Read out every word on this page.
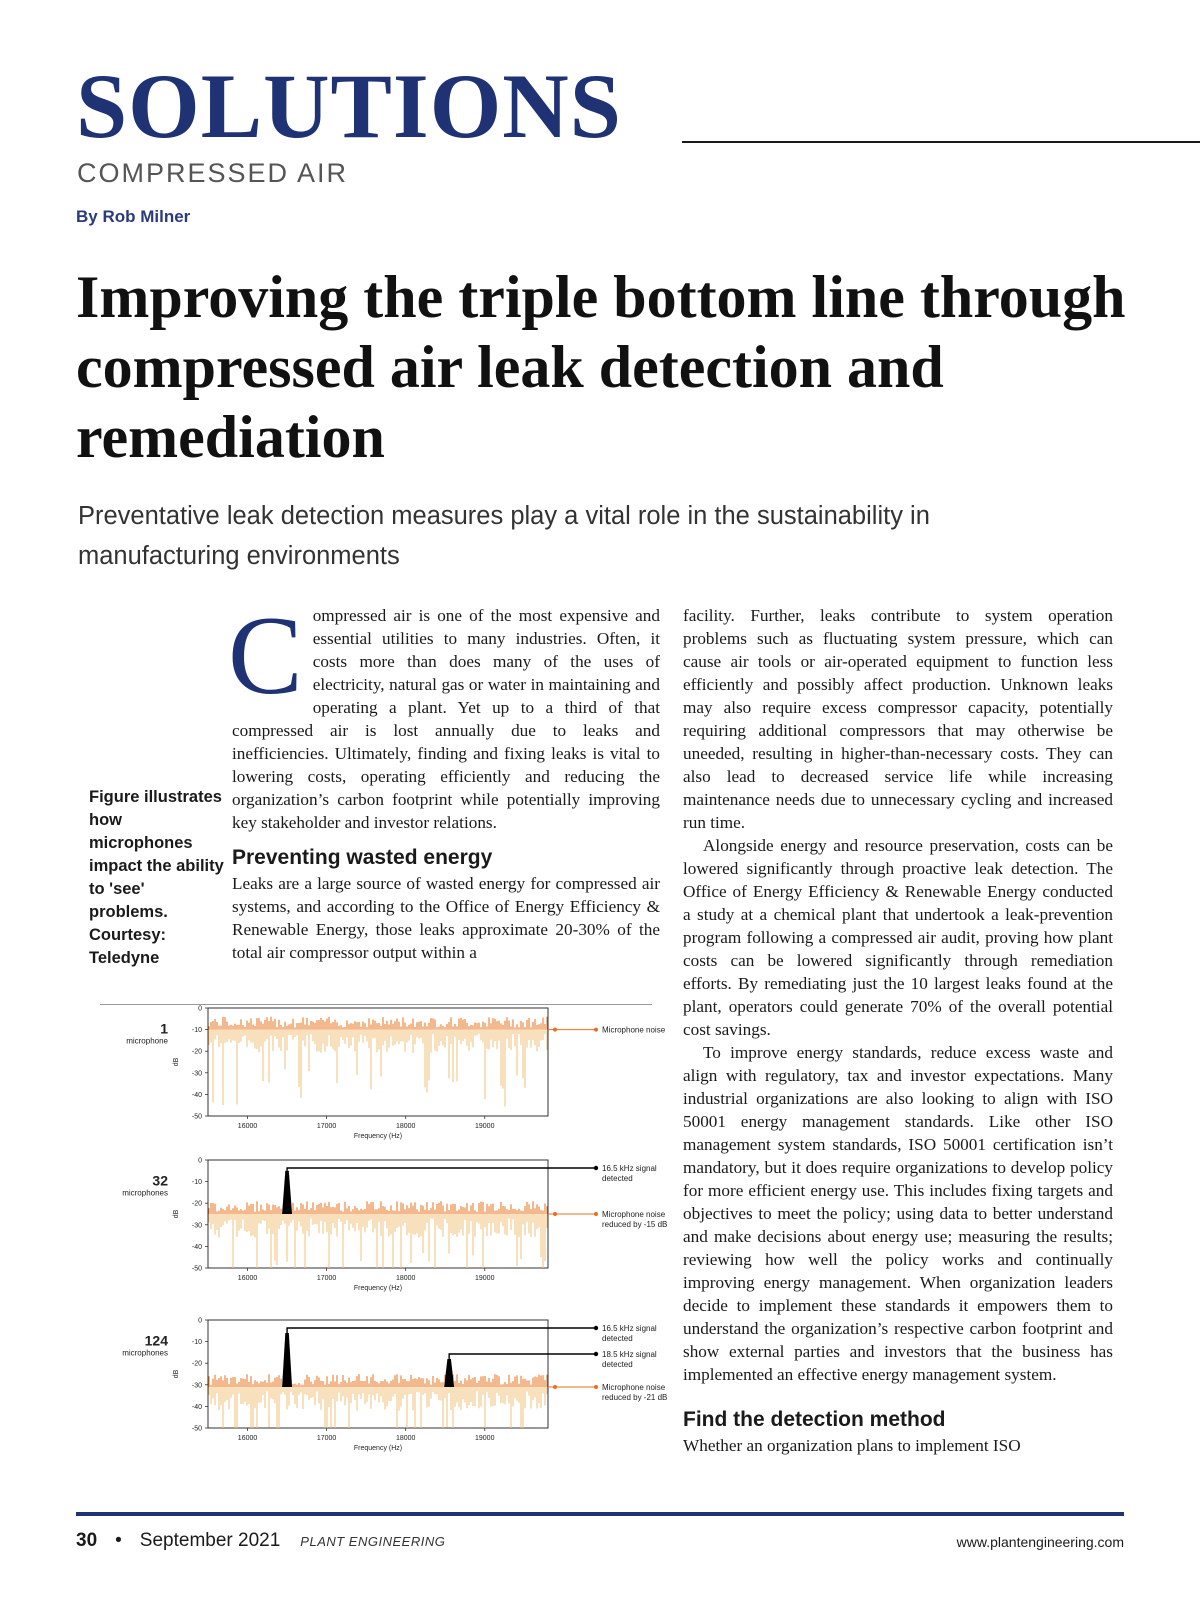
SOLUTIONS
COMPRESSED AIR
By Rob Milner
Improving the triple bottom line through compressed air leak detection and remediation
Preventative leak detection measures play a vital role in the sustainability in manufacturing environments
Figure illustrates how microphones impact the ability to 'see' problems. Courtesy: Teledyne

Compressed air is one of the most expensive and essential utilities to many industries. Often, it costs more than does many of the uses of electricity, natural gas or water in maintaining and operating a plant. Yet up to a third of that compressed air is lost annually due to leaks and inefficiencies. Ultimately, finding and fixing leaks is vital to lowering costs, operating efficiently and reducing the organization’s carbon footprint while potentially improving key stakeholder and investor relations.

Preventing wasted energy

Leaks are a large source of wasted energy for compressed air systems, and according to the Office of Energy Efficiency & Renewable Energy, those leaks approximate 20-30% of the total air compressor output within a

facility. Further, leaks contribute to system operation problems such as fluctuating system pressure, which can cause air tools or air-operated equipment to function less efficiently and possibly affect production. Unknown leaks may also require excess compressor capacity, potentially requiring additional compressors that may otherwise be uneeded, resulting in higher-than-necessary costs. They can also lead to decreased service life while increasing maintenance needs due to unnecessary cycling and increased run time.

Alongside energy and resource preservation, costs can be lowered significantly through proactive leak detection. The Office of Energy Efficiency & Renewable Energy conducted a study at a chemical plant that undertook a leak-prevention program following a compressed air audit, proving how plant costs can be lowered significantly through remediation efforts. By remediating just the 10 largest leaks found at the plant, operators could generate 70% of the overall potential cost savings.

To improve energy standards, reduce excess waste and align with regulatory, tax and investor expectations. Many industrial organizations are also looking to align with ISO 50001 energy management standards. Like other ISO management system standards, ISO 50001 certification isn’t mandatory, but it does require organizations to develop policy for more efficient energy use. This includes fixing targets and objectives to meet the policy; using data to better understand and make decisions about energy use; measuring the results; reviewing how well the policy works and continually improving energy management. When organization leaders decide to implement these standards it empowers them to understand the organization’s respective carbon footprint and show external parties and investors that the business has implemented an effective energy management system.

Find the detection method

Whether an organization plans to implement ISO

0
-10
-20
-30
-40
-50
dB
16000	17000	18000	19000
Frequency (Hz)
1
microphone
Microphone noise
0
-10
-20
-30
-40
-50
dB
16000	17000	18000	19000
Frequency (Hz)
32
microphones
16.5 kHz signal
detected
Microphone noise
reduced by -15 dB
0
-10
-20
-30
-40
-50
dB
16000	17000	18000	19000
Frequency (Hz)
124
microphones
16.5 kHz signal
detected
18.5 kHz signal
detected
Microphone noise
reduced by -21 dB
30 • September 2021 PLANT ENGINEERING	www.plantengineering.com
